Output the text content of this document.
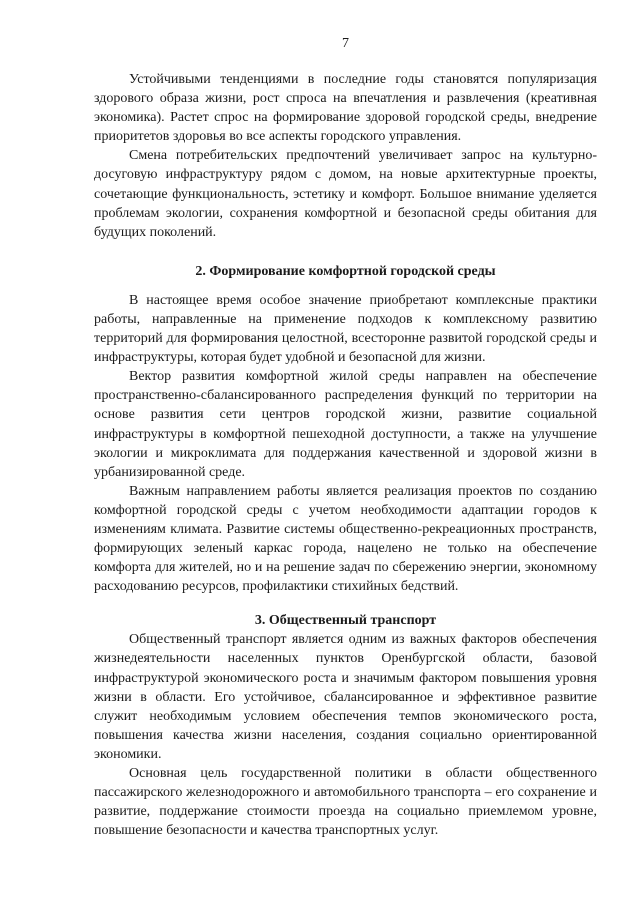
7

Устойчивыми тенденциями в последние годы становятся популяризация здорового образа жизни, рост спроса на впечатления и развлечения (креативная экономика). Растет спрос на формирование здоровой городской среды, внедрение приоритетов здоровья во все аспекты городского управления.

Смена потребительских предпочтений увеличивает запрос на культурно-досуговую инфраструктуру рядом с домом, на новые архитектурные проекты, сочетающие функциональность, эстетику и комфорт. Большое внимание уделяется проблемам экологии, сохранения комфортной и безопасной среды обитания для будущих поколений.

2. Формирование комфортной городской среды

В настоящее время особое значение приобретают комплексные практики работы, направленные на применение подходов к комплексному развитию территорий для формирования целостной, всесторонне развитой городской среды и инфраструктуры, которая будет удобной и безопасной для жизни.

Вектор развития комфортной жилой среды направлен на обеспечение пространственно-сбалансированного распределения функций по территории на основе развития сети центров городской жизни, развитие социальной инфраструктуры в комфортной пешеходной доступности, а также на улучшение экологии и микроклимата для поддержания качественной и здоровой жизни в урбанизированной среде.

Важным направлением работы является реализация проектов по созданию комфортной городской среды с учетом необходимости адаптации городов к изменениям климата. Развитие системы общественно-рекреационных пространств, формирующих зеленый каркас города, нацелено не только на обеспечение комфорта для жителей, но и на решение задач по сбережению энергии, экономному расходованию ресурсов, профилактики стихийных бедствий.

3. Общественный транспорт

Общественный транспорт является одним из важных факторов обеспечения жизнедеятельности населенных пунктов Оренбургской области, базовой инфраструктурой экономического роста и значимым фактором повышения уровня жизни в области. Его устойчивое, сбалансированное и эффективное развитие служит необходимым условием обеспечения темпов экономического роста, повышения качества жизни населения, создания социально ориентированной экономики.

Основная цель государственной политики в области общественного пассажирского железнодорожного и автомобильного транспорта – его сохранение и развитие, поддержание стоимости проезда на социально приемлемом уровне, повышение безопасности и качества транспортных услуг.
